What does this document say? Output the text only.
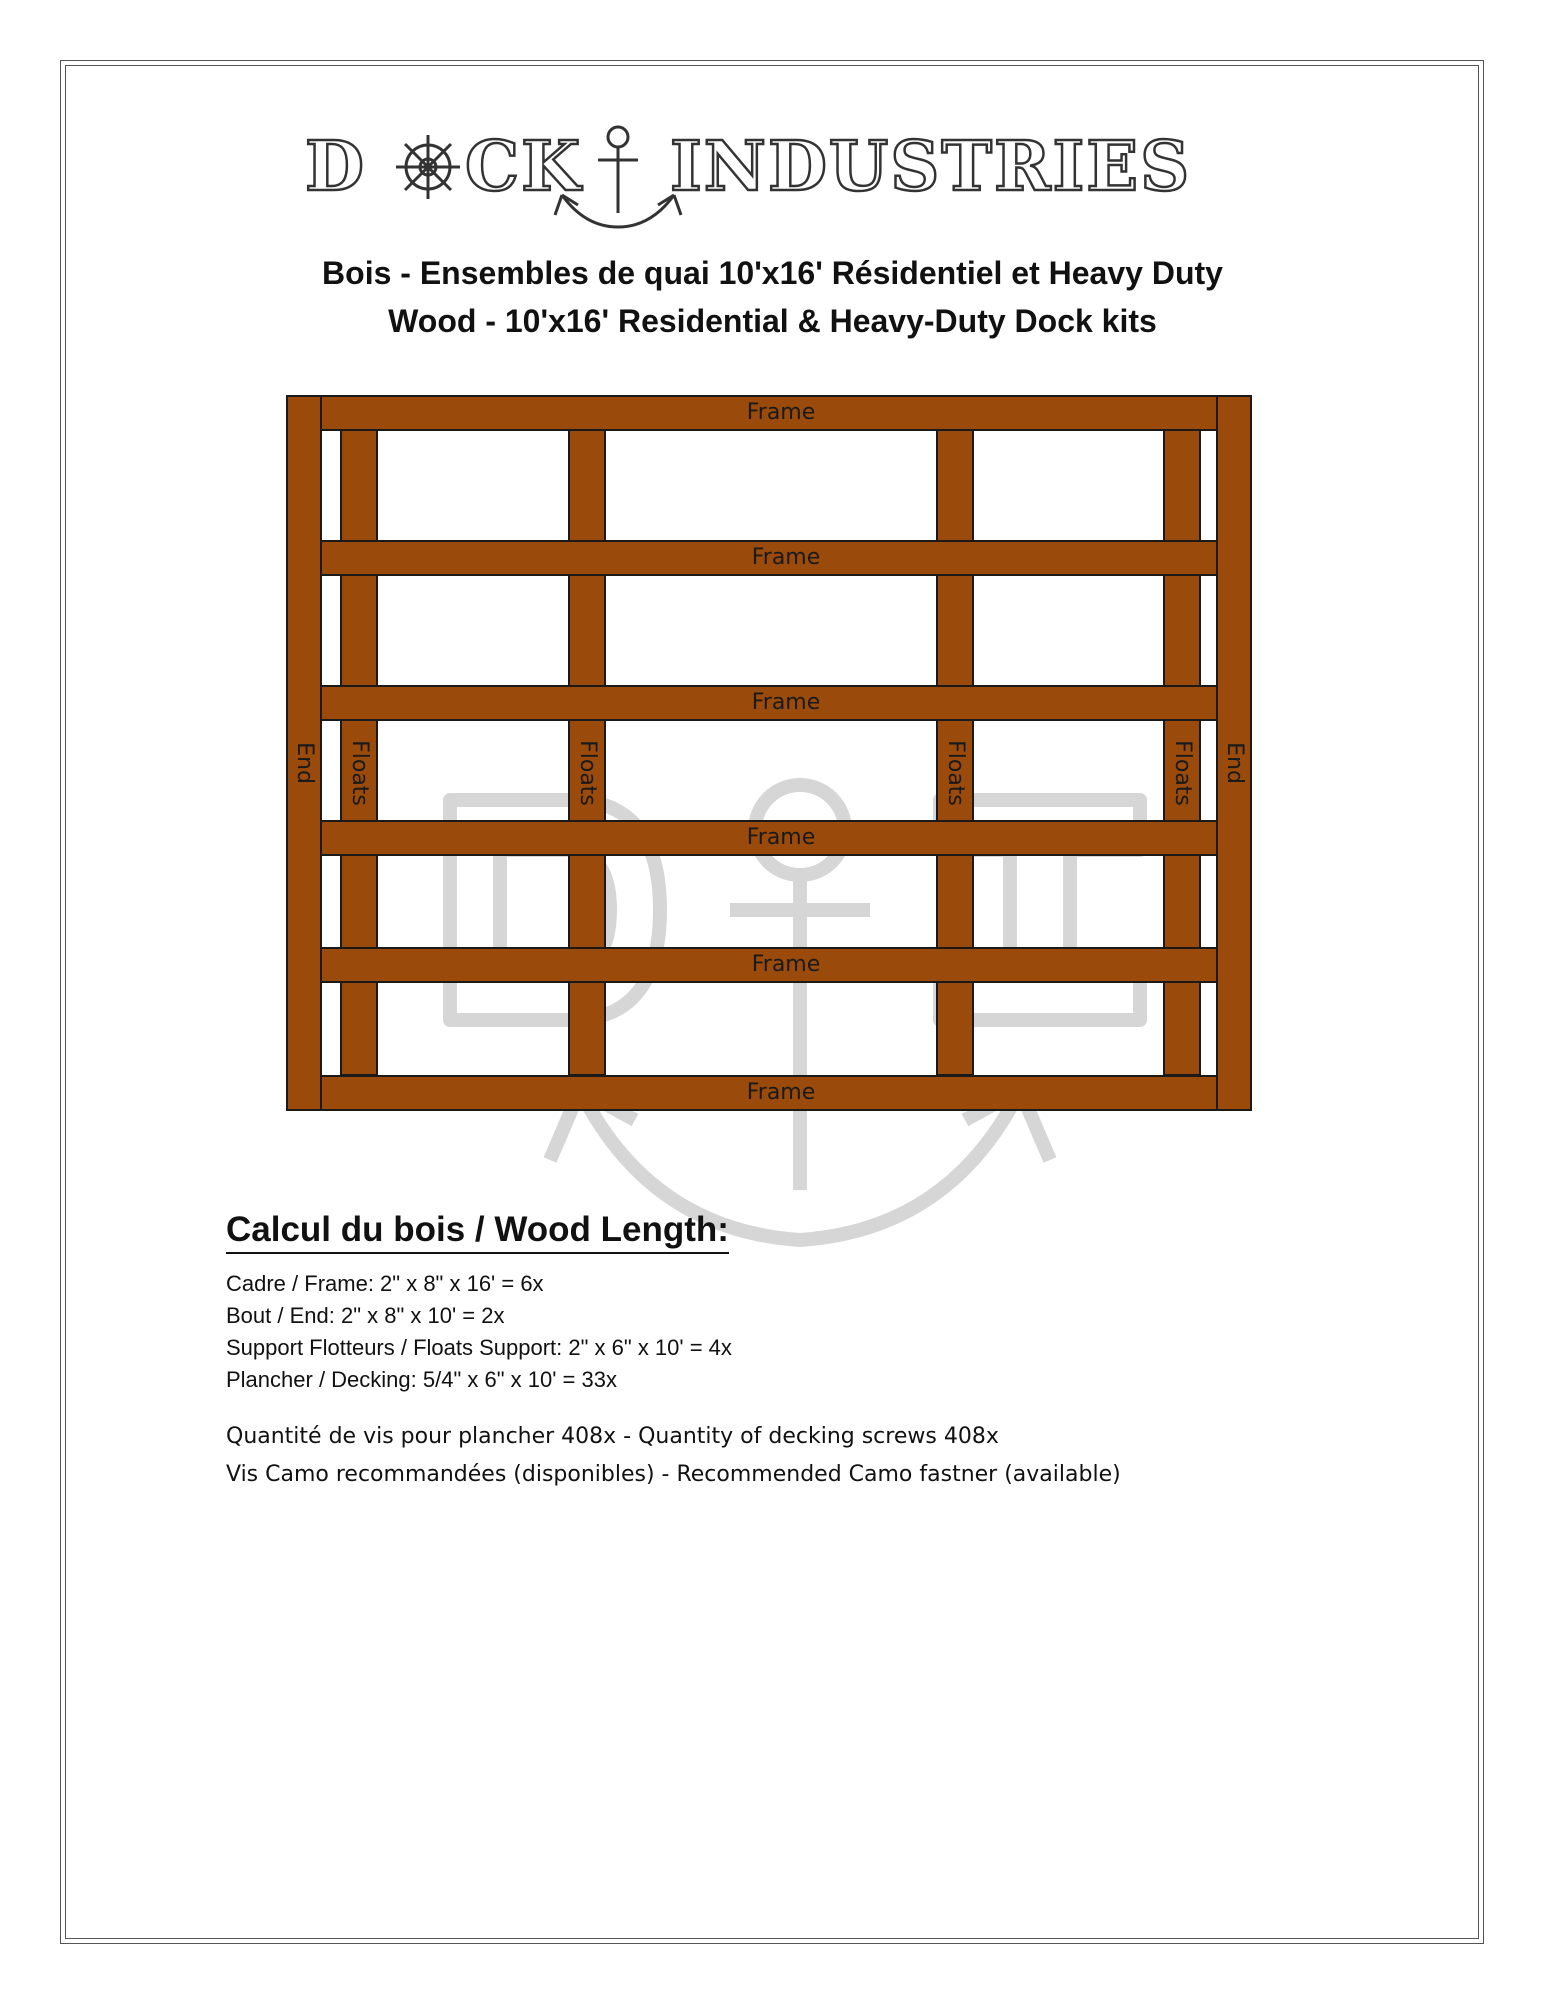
D CK INDUSTRIES
Bois - Ensembles de quai 10'x16' Résidentiel et Heavy Duty
Wood - 10'x16' Residential & Heavy-Duty Dock kits
Frame
Frame
Frame
Frame
Frame
Frame
Floats	Floats	Floats	Floats
End	End
Calcul du bois / Wood Length:
Cadre / Frame: 2" x 8" x 16' = 6x
Bout / End: 2" x 8" x 10' = 2x
Support Flotteurs / Floats Support: 2" x 6" x 10' = 4x
Plancher / Decking: 5/4" x 6" x 10' = 33x
Quantité de vis pour plancher 408x - Quantity of decking screws 408x
Vis Camo recommandées (disponibles) - Recommended Camo fastner (available)
